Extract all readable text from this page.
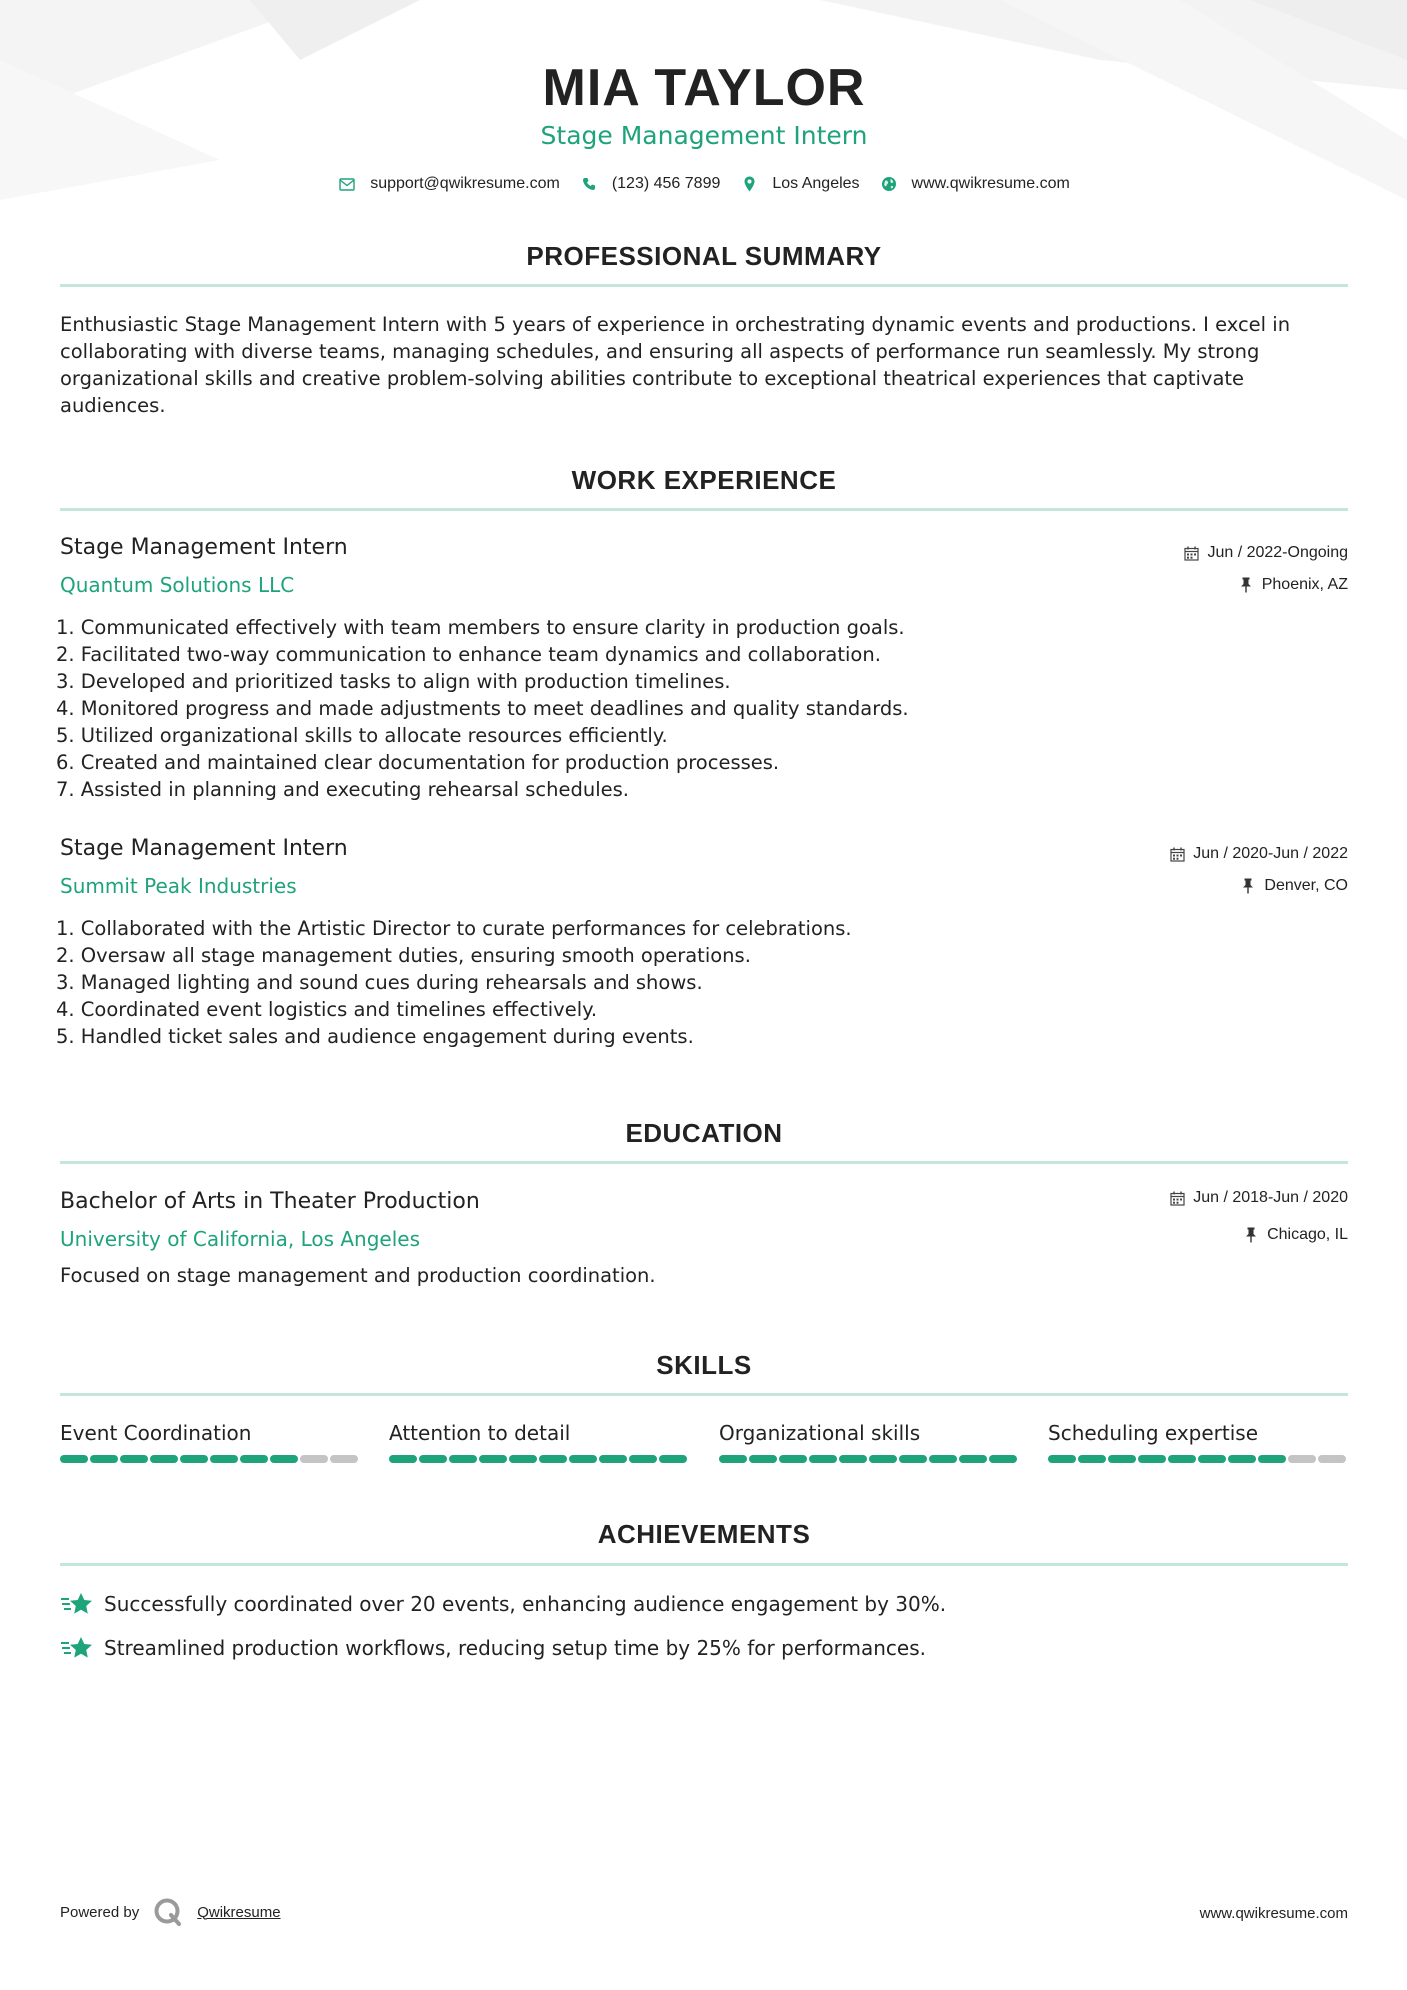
MIA TAYLOR
Stage Management Intern
support@qwikresume.com	(123) 456 7899	Los Angeles	www.qwikresume.com
PROFESSIONAL SUMMARY
Enthusiastic Stage Management Intern with 5 years of experience in orchestrating dynamic events and productions. I excel in collaborating with diverse teams, managing schedules, and ensuring all aspects of performance run seamlessly. My strong organizational skills and creative problem-solving abilities contribute to exceptional theatrical experiences that captivate audiences.
WORK EXPERIENCE
Stage Management Intern	Jun / 2022-Ongoing
Quantum Solutions LLC	Phoenix, AZ
1. Communicated effectively with team members to ensure clarity in production goals.
2. Facilitated two-way communication to enhance team dynamics and collaboration.
3. Developed and prioritized tasks to align with production timelines.
4. Monitored progress and made adjustments to meet deadlines and quality standards.
5. Utilized organizational skills to allocate resources efficiently.
6. Created and maintained clear documentation for production processes.
7. Assisted in planning and executing rehearsal schedules.
Stage Management Intern	Jun / 2020-Jun / 2022
Summit Peak Industries	Denver, CO
1. Collaborated with the Artistic Director to curate performances for celebrations.
2. Oversaw all stage management duties, ensuring smooth operations.
3. Managed lighting and sound cues during rehearsals and shows.
4. Coordinated event logistics and timelines effectively.
5. Handled ticket sales and audience engagement during events.
EDUCATION
Bachelor of Arts in Theater Production	Jun / 2018-Jun / 2020
University of California, Los Angeles	Chicago, IL
Focused on stage management and production coordination.
SKILLS
Event Coordination	Attention to detail	Organizational skills	Scheduling expertise
ACHIEVEMENTS
Successfully coordinated over 20 events, enhancing audience engagement by 30%.
Streamlined production workflows, reducing setup time by 25% for performances.
Powered by	Qwikresume	www.qwikresume.com
